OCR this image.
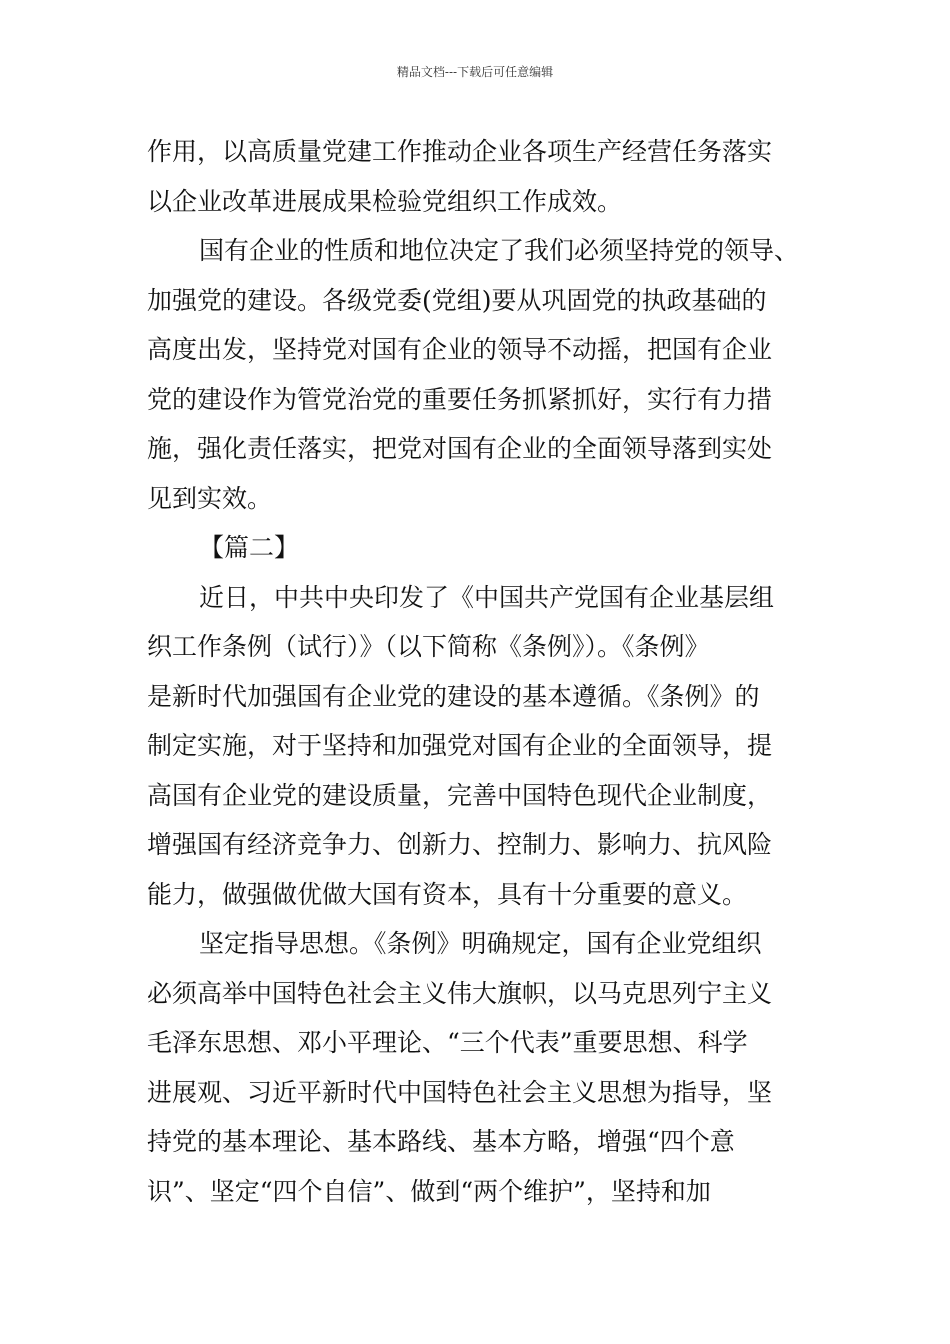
精品文档---下载后可任意编辑
作用，以高质量党建工作推动企业各项生产经营任务落实
以企业改革进展成果检验党组织工作成效。
国有企业的性质和地位决定了我们必须坚持党的领导、
加强党的建设。各级党委(党组)要从巩固党的执政基础的
高度出发，坚持党对国有企业的领导不动摇，把国有企业
党的建设作为管党治党的重要任务抓紧抓好，实行有力措
施，强化责任落实，把党对国有企业的全面领导落到实处
见到实效。
【篇二】
近日，中共中央印发了《中国共产党国有企业基层组
织工作条例（试行）》（以下简称《条例》）。《条例》
是新时代加强国有企业党的建设的基本遵循。《条例》的
制定实施，对于坚持和加强党对国有企业的全面领导，提
高国有企业党的建设质量，完善中国特色现代企业制度，
增强国有经济竞争力、创新力、控制力、影响力、抗风险
能力，做强做优做大国有资本，具有十分重要的意义。
坚定指导思想。《条例》明确规定，国有企业党组织
必须高举中国特色社会主义伟大旗帜，以马克思列宁主义
毛泽东思想、邓小平理论、“三个代表”重要思想、科学
进展观、习近平新时代中国特色社会主义思想为指导，坚
持党的基本理论、基本路线、基本方略，增强“四个意
识”、坚定“四个自信”、做到“两个维护”，坚持和加
